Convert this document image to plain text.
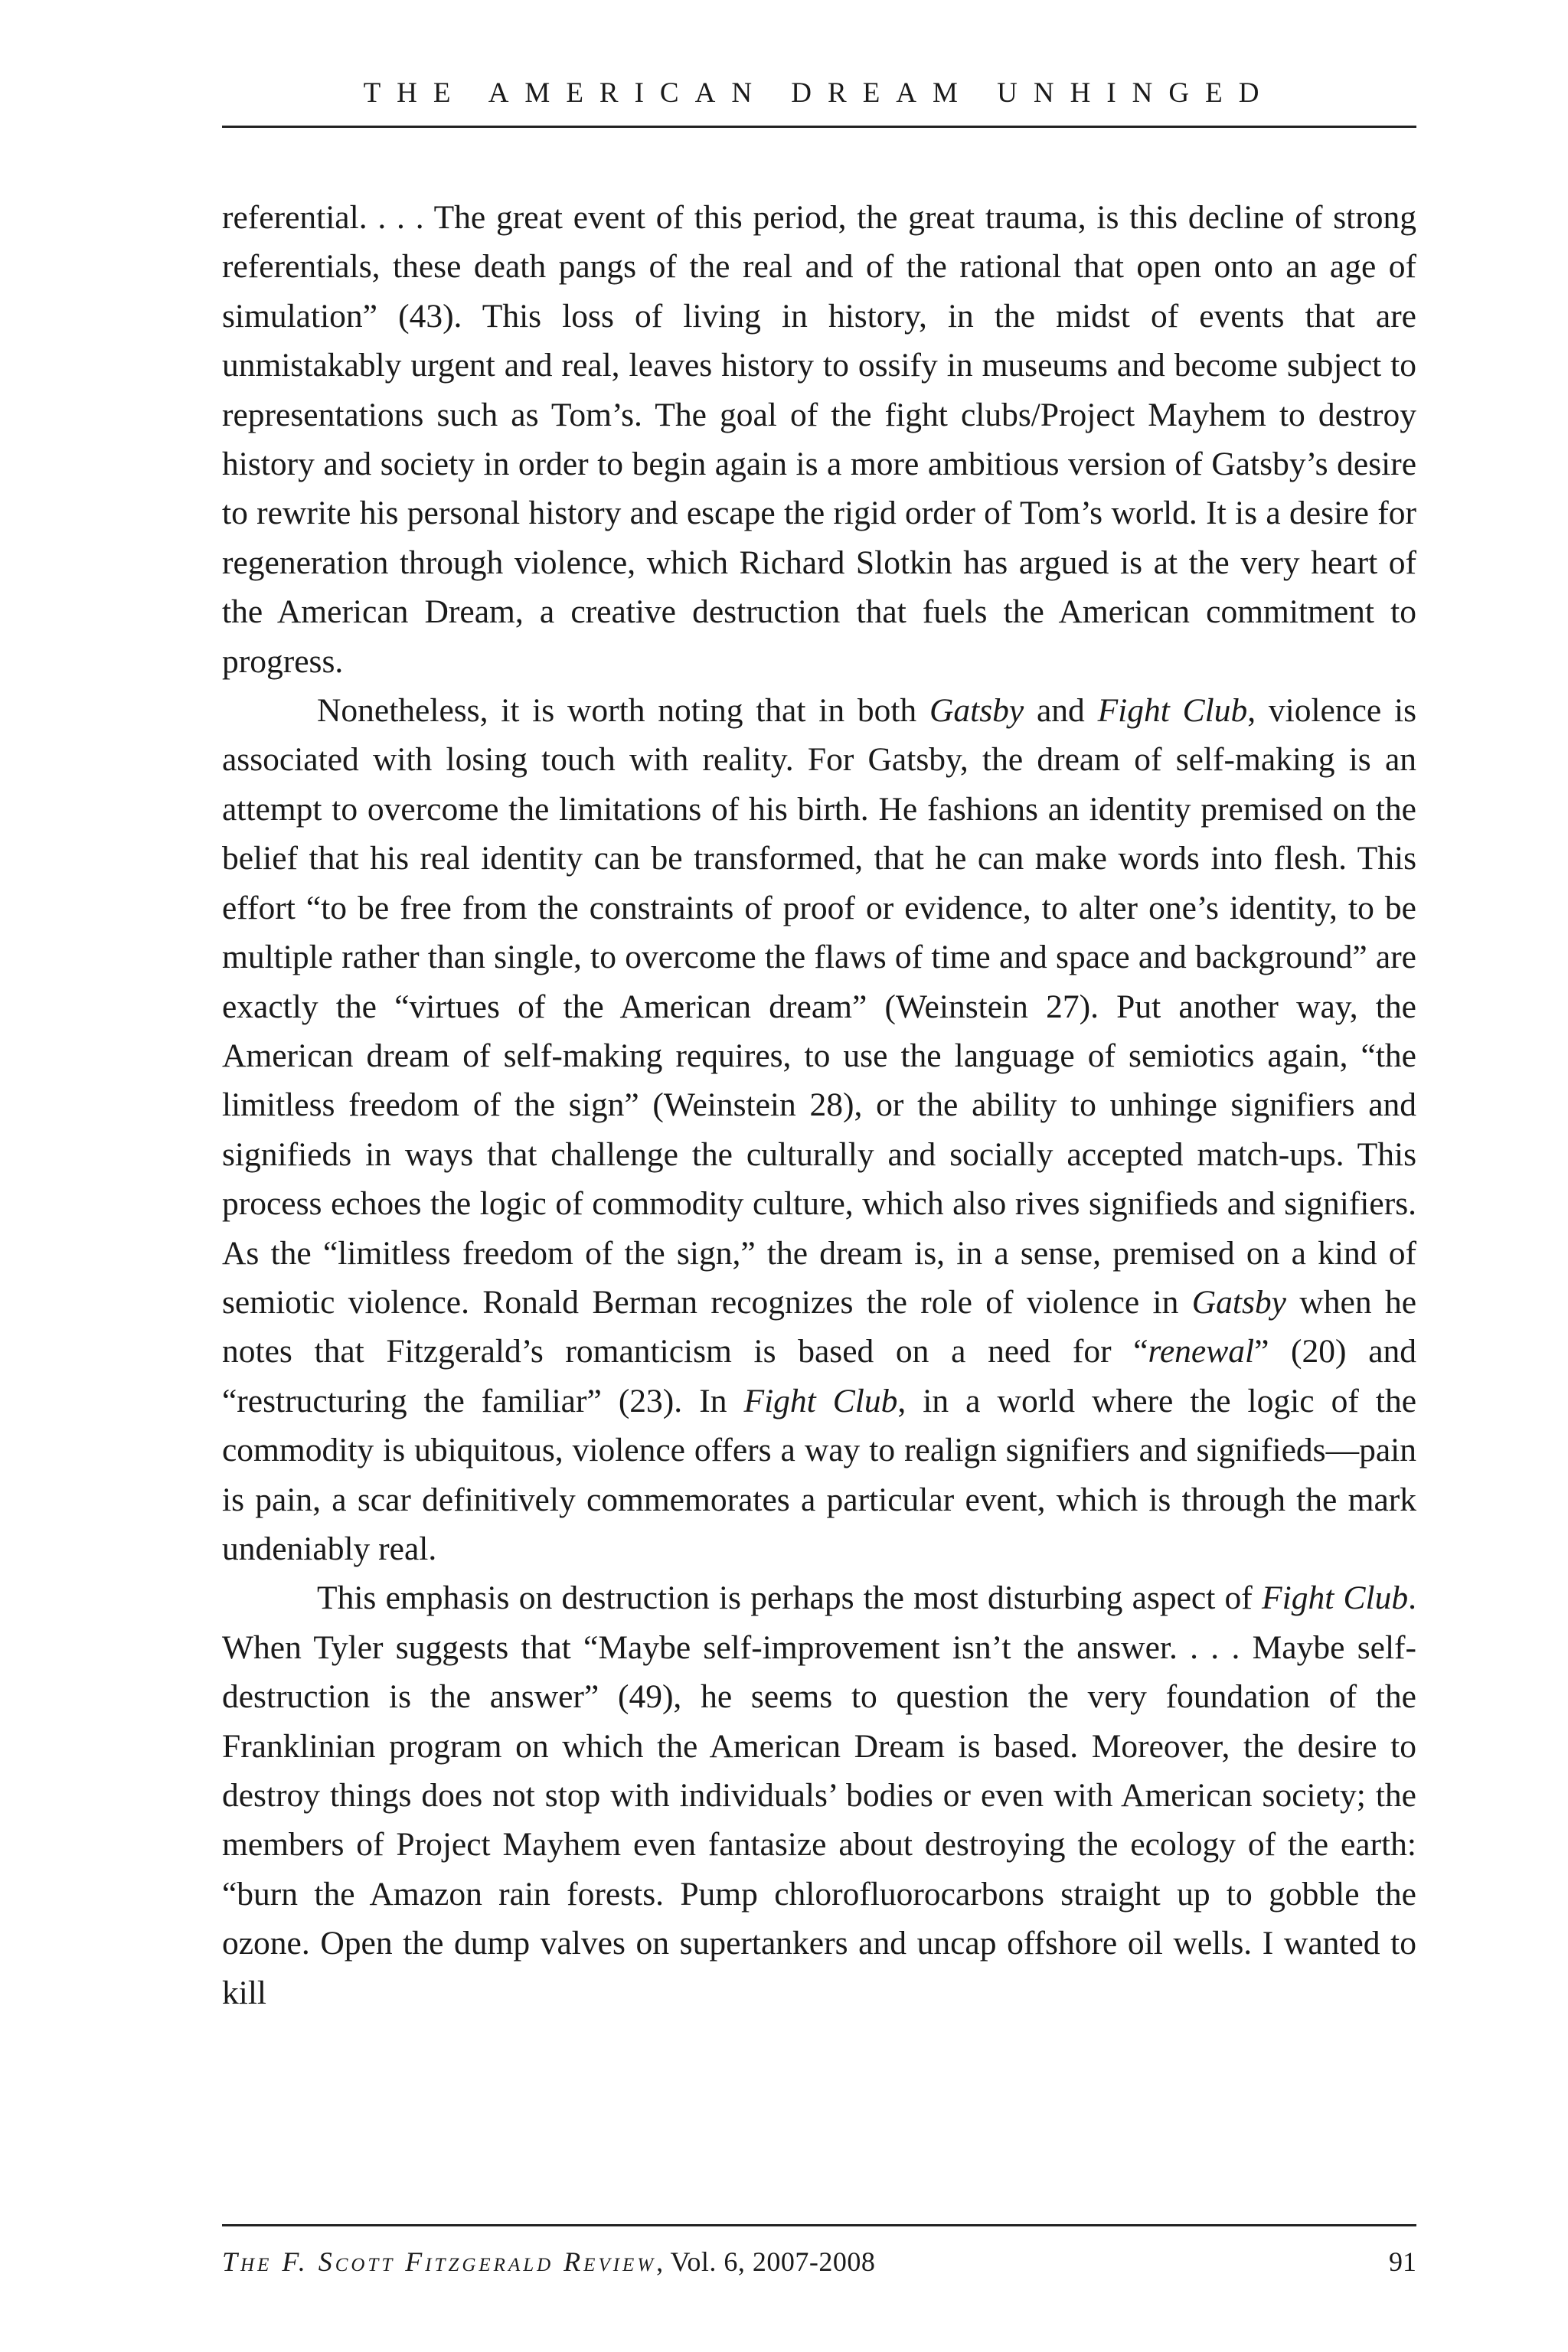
THE AMERICAN DREAM UNHINGED

referential. . . . The great event of this period, the great trauma, is this decline of strong referentials, these death pangs of the real and of the rational that open onto an age of simulation” (43). This loss of living in history, in the midst of events that are unmistakably urgent and real, leaves history to ossify in museums and become subject to representations such as Tom’s. The goal of the fight clubs/Project Mayhem to destroy history and society in order to begin again is a more ambitious version of Gatsby’s desire to rewrite his personal history and escape the rigid order of Tom’s world. It is a desire for regeneration through violence, which Richard Slotkin has argued is at the very heart of the American Dream, a creative destruction that fuels the American commitment to progress.

Nonetheless, it is worth noting that in both Gatsby and Fight Club, violence is associated with losing touch with reality. For Gatsby, the dream of self-making is an attempt to overcome the limitations of his birth. He fashions an identity premised on the belief that his real identity can be transformed, that he can make words into flesh. This effort “to be free from the constraints of proof or evidence, to alter one’s identity, to be multiple rather than single, to overcome the flaws of time and space and background” are exactly the “virtues of the American dream” (Weinstein 27). Put another way, the American dream of self-making requires, to use the language of semiotics again, “the limitless freedom of the sign” (Weinstein 28), or the ability to unhinge signifiers and signifieds in ways that challenge the culturally and socially accepted match-ups. This process echoes the logic of commodity culture, which also rives signifieds and signifiers. As the “limitless freedom of the sign,” the dream is, in a sense, premised on a kind of semiotic violence. Ronald Berman recognizes the role of violence in Gatsby when he notes that Fitzgerald’s romanticism is based on a need for “renewal” (20) and “restructuring the familiar” (23). In Fight Club, in a world where the logic of the commodity is ubiquitous, violence offers a way to realign signifiers and signifieds—pain is pain, a scar definitively commemorates a particular event, which is through the mark undeniably real.

This emphasis on destruction is perhaps the most disturbing aspect of Fight Club. When Tyler suggests that “Maybe self-improvement isn’t the answer. . . . Maybe self-destruction is the answer” (49), he seems to question the very foundation of the Franklinian program on which the American Dream is based. Moreover, the desire to destroy things does not stop with individuals’ bodies or even with American society; the members of Project Mayhem even fantasize about destroying the ecology of the earth: “burn the Amazon rain forests. Pump chlorofluorocarbons straight up to gobble the ozone. Open the dump valves on supertankers and uncap offshore oil wells. I wanted to kill

The F. Scott Fitzgerald Review, Vol. 6, 2007-2008	91
